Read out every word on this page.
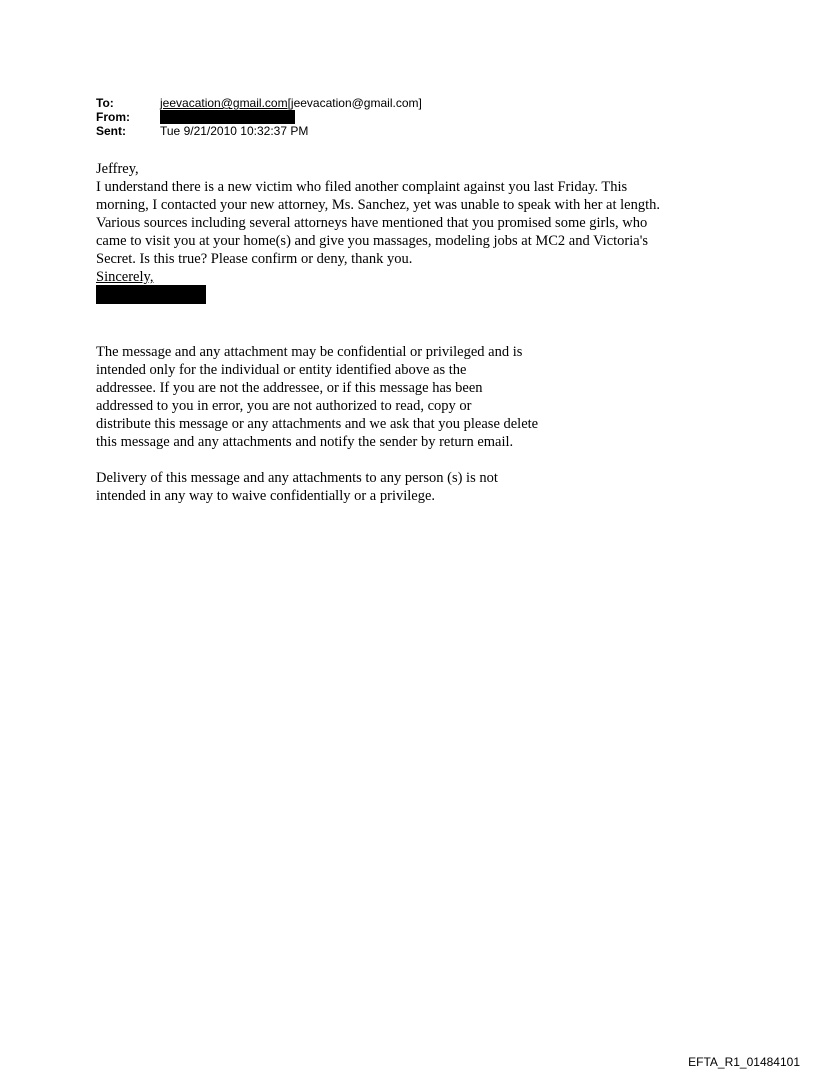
To:	jeevacation@gmail.com[jeevacation@gmail.com]
From:
Sent:	Tue 9/21/2010 10:32:37 PM

Jeffrey,

I understand there is a new victim who filed another complaint against you last Friday. This

morning, I contacted your new attorney, Ms. Sanchez, yet was unable to speak with her at length.

Various sources including several attorneys have mentioned that you promised some girls, who

came to visit you at your home(s) and give you massages, modeling jobs at MC2 and Victoria's

Secret. Is this true? Please confirm or deny, thank you.

Sincerely,

The message and any attachment may be confidential or privileged and is
intended only for the individual or entity identified above as the
addressee. If you are not the addressee, or if this message has been
addressed to you in error, you are not authorized to read, copy or
distribute this message or any attachments and we ask that you please delete
this message and any attachments and notify the sender by return email.

Delivery of this message and any attachments to any person (s) is not
intended in any way to waive confidentially or a privilege.

EFTA_R1_01484101
